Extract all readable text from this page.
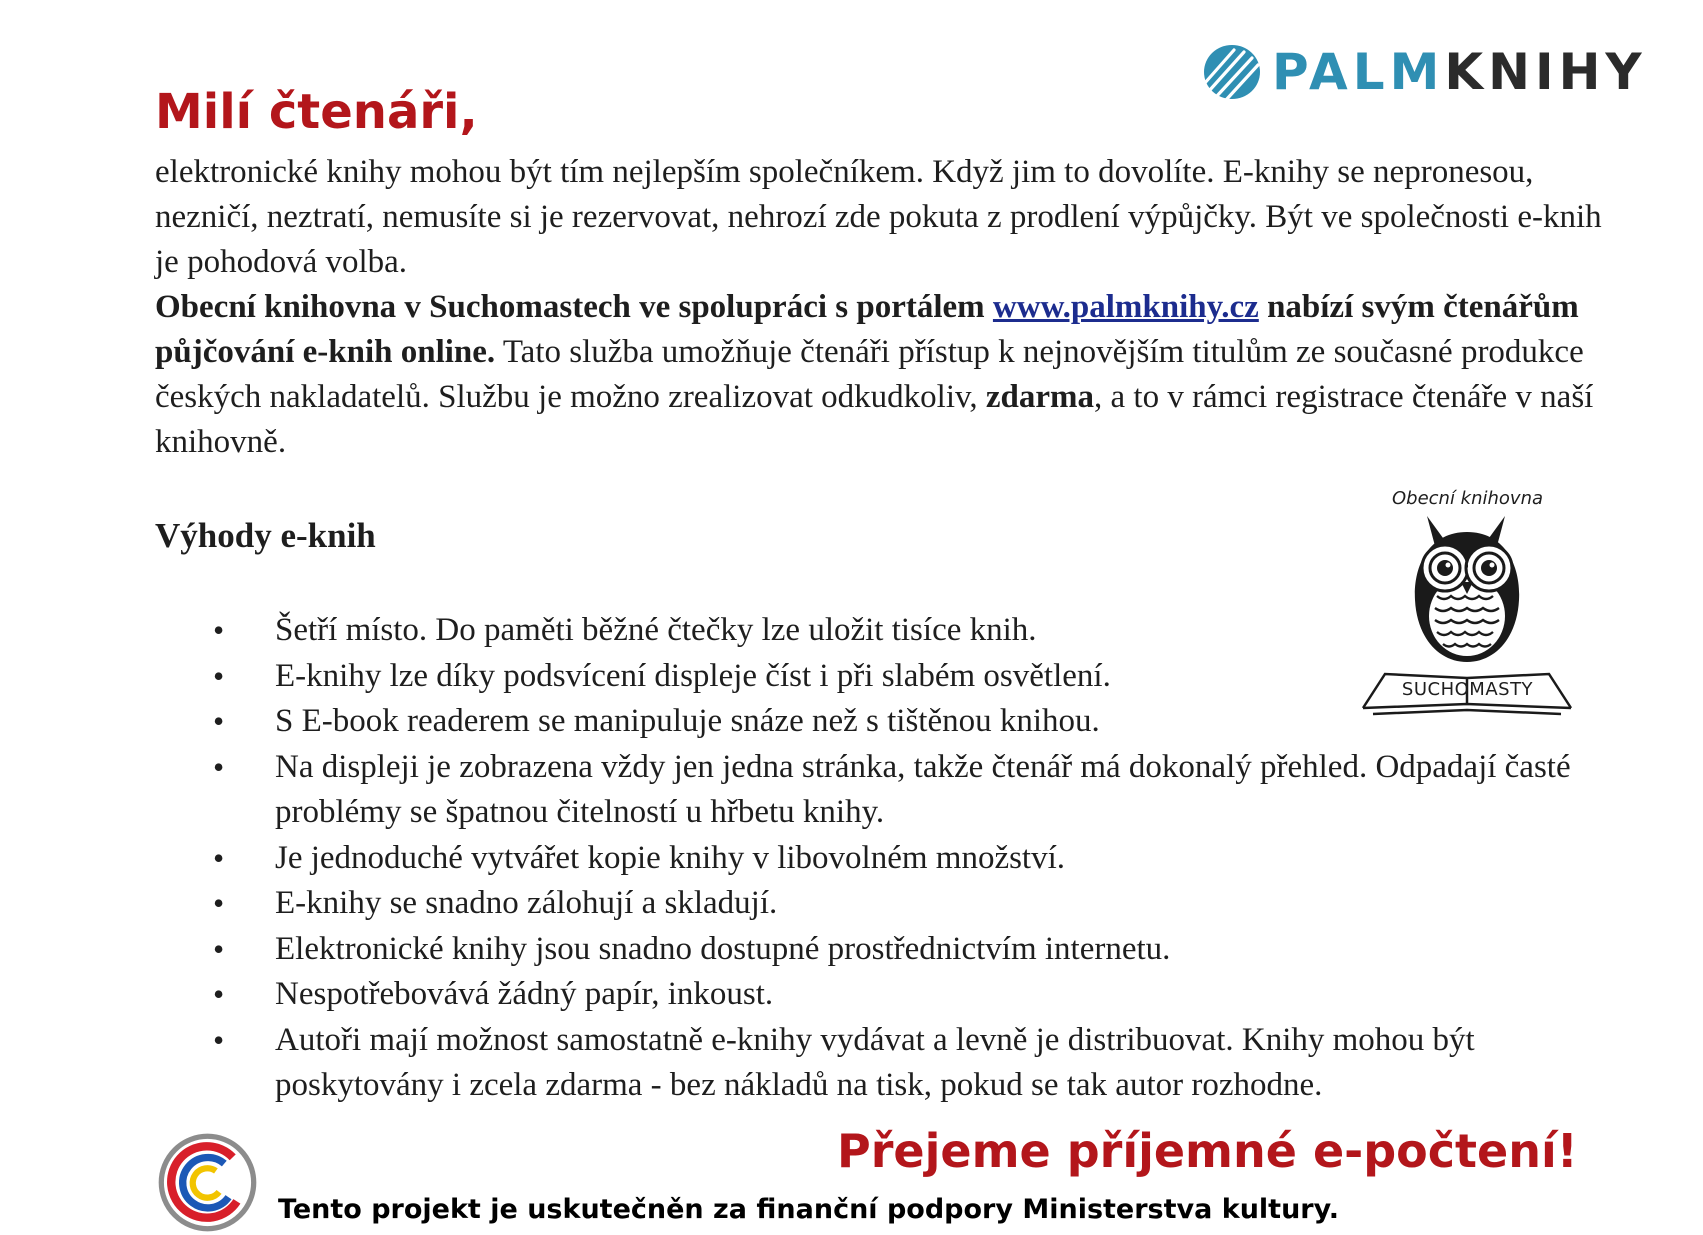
PALMKNIHY
Milí čtenáři,

elektronické knihy mohou být tím nejlepším společníkem. Když jim to dovolíte. E-knihy se nepronesou, nezničí, neztratí, nemusíte si je rezervovat, nehrozí zde pokuta z prodlení výpůjčky. Být ve společnosti e-knih je pohodová volba.

Obecní knihovna v Suchomastech ve spolupráci s portálem www.palmknihy.cz nabízí svým čtenářům půjčování e-knih online. Tato služba umožňuje čtenáři přístup k nejnovějším titulům ze současné produkce českých nakladatelů. Službu je možno zrealizovat odkudkoliv, zdarma, a to v rámci registrace čtenáře v naší knihovně.

Výhody e-knih
• Šetří místo. Do paměti běžné čtečky lze uložit tisíce knih.
• E-knihy lze díky podsvícení displeje číst i při slabém osvětlení.
• S E-book readerem se manipuluje snáze než s tištěnou knihou.
• Na displeji je zobrazena vždy jen jedna stránka, takže čtenář má dokonalý přehled. Odpadají časté problémy se špatnou čitelností u hřbetu knihy.
• Je jednoduché vytvářet kopie knihy v libovolném množství.
• E-knihy se snadno zálohují a skladují.
• Elektronické knihy jsou snadno dostupné prostřednictvím internetu.
• Nespotřebovává žádný papír, inkoust.
• Autoři mají možnost samostatně e-knihy vydávat a levně je distribuovat. Knihy mohou být poskytovány i zcela zdarma - bez nákladů na tisk, pokud se tak autor rozhodne.
Obecní knihovna
SUCHOMASTY

Přejeme příjemné e-počtení!

Tento projekt je uskutečněn za finanční podpory Ministerstva kultury.
